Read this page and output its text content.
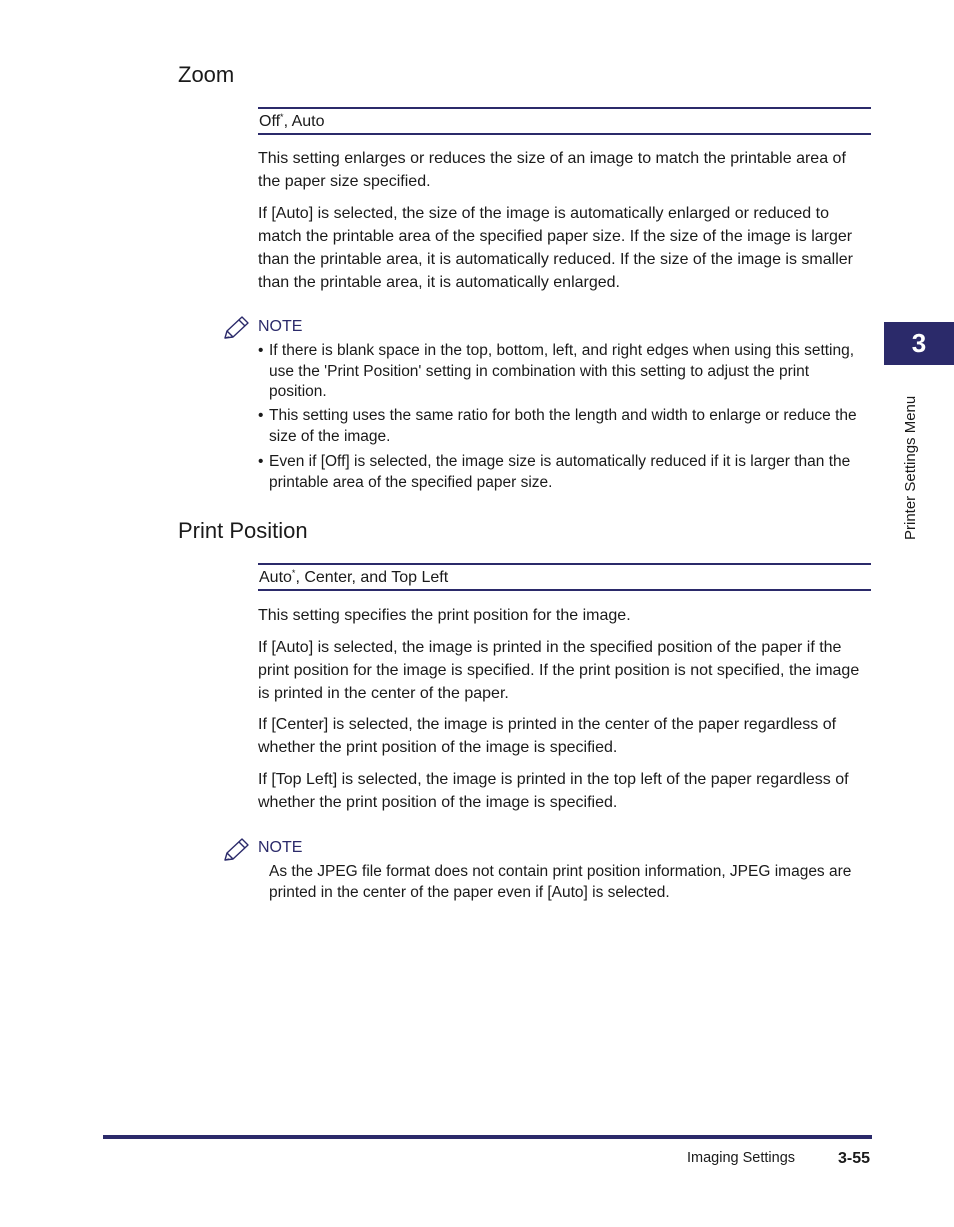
Zoom
Off*, Auto

This setting enlarges or reduces the size of an image to match the printable area of the paper size specified.

If [Auto] is selected, the size of the image is automatically enlarged or reduced to match the printable area of the specified paper size. If the size of the image is larger than the printable area, it is automatically reduced. If the size of the image is smaller than the printable area, it is automatically enlarged.

NOTE
• If there is blank space in the top, bottom, left, and right edges when using this setting, use the 'Print Position' setting in combination with this setting to adjust the print position.
• This setting uses the same ratio for both the length and width to enlarge or reduce the size of the image.
• Even if [Off] is selected, the image size is automatically reduced if it is larger than the printable area of the specified paper size.
Print Position
Auto*, Center, and Top Left

This setting specifies the print position for the image.

If [Auto] is selected, the image is printed in the specified position of the paper if the print position for the image is specified. If the print position is not specified, the image is printed in the center of the paper.

If [Center] is selected, the image is printed in the center of the paper regardless of whether the print position of the image is specified.

If [Top Left] is selected, the image is printed in the top left of the paper regardless of whether the print position of the image is specified.

NOTE
As the JPEG file format does not contain print position information, JPEG images are printed in the center of the paper even if [Auto] is selected.
3
Printer Settings Menu
Imaging Settings	3-55
